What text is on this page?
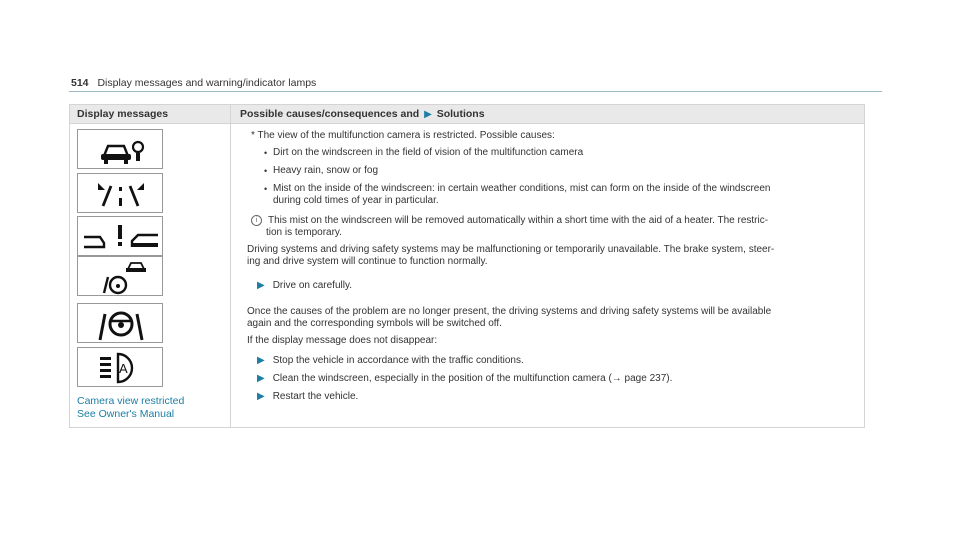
514 Display messages and warning/indicator lamps
Display messages	Possible causes/consequences and ▶ Solutions
A
Camera view restricted
See Owner's Manual
* The view of the multifunction camera is restricted. Possible causes:
• Dirt on the windscreen in the field of vision of the multifunction camera
• Heavy rain, snow or fog
• Mist on the inside of the windscreen: in certain weather conditions, mist can form on the inside of the windscreen
during cold times of year in particular.
i This mist on the windscreen will be removed automatically within a short time with the aid of a heater. The restric-
tion is temporary.
Driving systems and driving safety systems may be malfunctioning or temporarily unavailable. The brake system, steer-
ing and drive system will continue to function normally.
▶ Drive on carefully.
Once the causes of the problem are no longer present, the driving systems and driving safety systems will be available
again and the corresponding symbols will be switched off.
If the display message does not disappear:
▶ Stop the vehicle in accordance with the traffic conditions.
▶ Clean the windscreen, especially in the position of the multifunction camera (→ page 237).
▶ Restart the vehicle.
